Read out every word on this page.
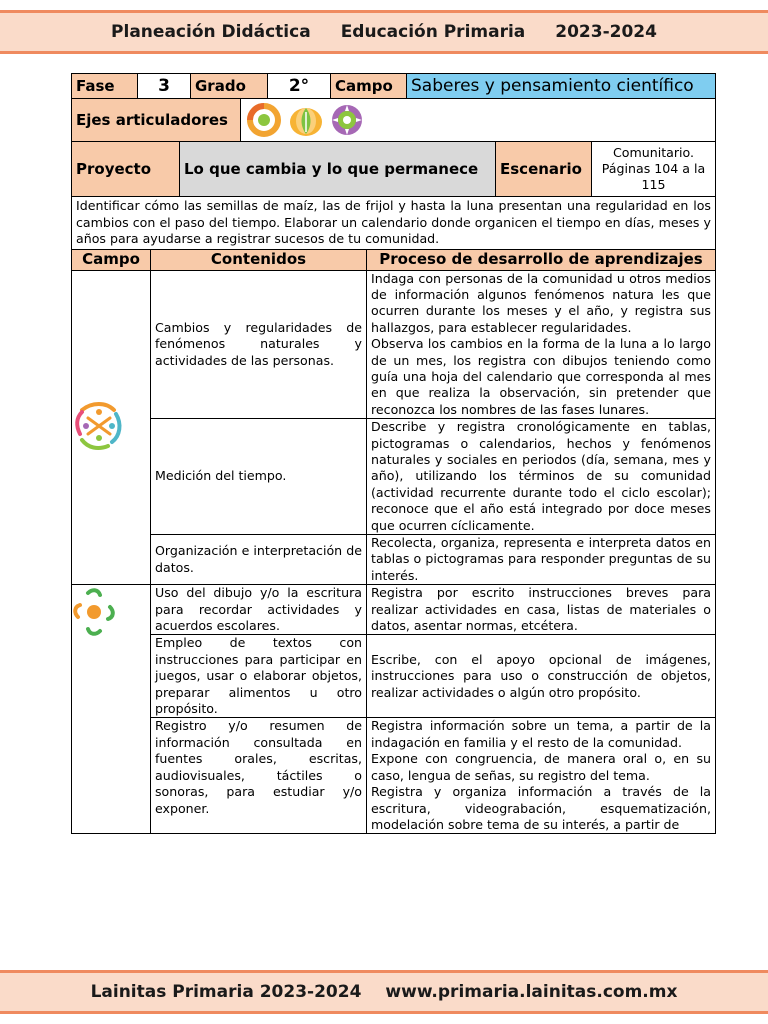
Planeación Didáctica Educación Primaria 2023-2024
Fase	3	Grado	2°	Campo	Saberes y pensamiento científico
Ejes articuladores	
Proyecto	Lo que cambia y lo que permanece	Escenario	Comunitario. Páginas 104 a la 115
Identificar cómo las semillas de maíz, las de frijol y hasta la luna presentan una regularidad en los cambios con el paso del tiempo. Elaborar un calendario donde organicen el tiempo en días, meses y años para ayudarse a registrar sucesos de tu comunidad.		
Campo	Contenidos	Proceso de desarrollo de aprendizajes
	Cambios y regularidades de fenómenos naturales y actividades de las personas.	Indaga con personas de la comunidad u otros medios de información algunos fenómenos natura les que ocurren durante los meses y el año, y registra sus hallazgos, para establecer regularidades.
Observa los cambios en la forma de la luna a lo largo de un mes, los registra con dibujos teniendo como guía una hoja del calendario que corresponda al mes en que realiza la observación, sin pretender que reconozca los nombres de las fases lunares.
	Medición del tiempo.	Describe y registra cronológicamente en tablas, pictogramas o calendarios, hechos y fenómenos naturales y sociales en periodos (día, semana, mes y año), utilizando los términos de su comunidad (actividad recurrente durante todo el ciclo escolar); reconoce que el año está integrado por doce meses que ocurren cíclicamente.
	Organización e interpretación de datos.	Recolecta, organiza, representa e interpreta datos en tablas o pictogramas para responder preguntas de su interés.
	Uso del dibujo y/o la escritura para recordar actividades y acuerdos escolares.	Registra por escrito instrucciones breves para realizar actividades en casa, listas de materiales o datos, asentar normas, etcétera.
	Empleo de textos con instrucciones para participar en juegos, usar o elaborar objetos, preparar alimentos u otro propósito.	Escribe, con el apoyo opcional de imágenes, instrucciones para uso o construcción de objetos, realizar actividades o algún otro propósito.
	Registro y/o resumen de información consultada en fuentes orales, escritas, audiovisuales, táctiles o sonoras, para estudiar y/o exponer.	Registra información sobre un tema, a partir de la indagación en familia y el resto de la comunidad.
Expone con congruencia, de manera oral o, en su caso, lengua de señas, su registro del tema.
Registra y organiza información a través de la escritura, videograbación, esquematización, modelación sobre tema de su interés, a partir de
Lainitas Primaria 2023-2024 www.primaria.lainitas.com.mx
